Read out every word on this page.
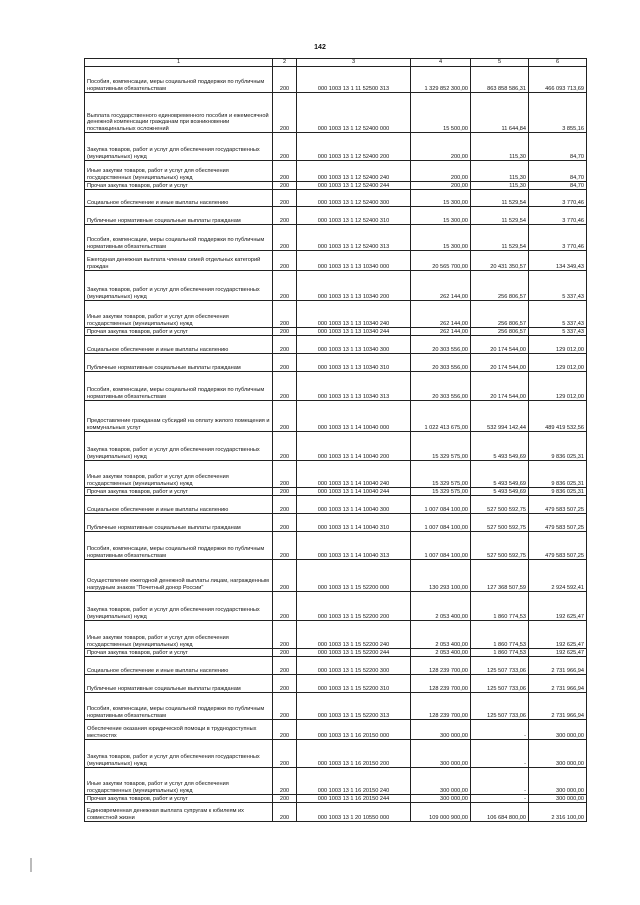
142
1	2	3	4	5	6
Пособия, компенсации, меры социальной поддержки по публичным нормативным обязательствам	200	000 1003 13 1 11 52500 313	1 329 852 300,00	863 858 586,31	466 093 713,69
Выплата государственного единовременного пособия и ежемесячной денежной компенсации гражданам при возникновении поствакцинальных осложнений	200	000 1003 13 1 12 52400 000	15 500,00	11 644,84	3 855,16
Закупка товаров, работ и услуг для обеспечения государственных (муниципальных) нужд	200	000 1003 13 1 12 52400 200	200,00	115,30	84,70
Иные закупки товаров, работ и услуг для обеспечения государственных (муниципальных) нужд	200	000 1003 13 1 12 52400 240	200,00	115,30	84,70
Прочая закупка товаров, работ и услуг	200	000 1003 13 1 12 52400 244	200,00	115,30	84,70
Социальное обеспечение и иные выплаты населению	200	000 1003 13 1 12 52400 300	15 300,00	11 529,54	3 770,46
Публичные нормативные социальные выплаты гражданам	200	000 1003 13 1 12 52400 310	15 300,00	11 529,54	3 770,46
Пособия, компенсации, меры социальной поддержки по публичным нормативным обязательствам	200	000 1003 13 1 12 52400 313	15 300,00	11 529,54	3 770,46
Ежегодная денежная выплата членам семей отдельных категорий граждан	200	000 1003 13 1 13 10340 000	20 565 700,00	20 431 350,57	134 349,43
Закупка товаров, работ и услуг для обеспечения государственных (муниципальных) нужд	200	000 1003 13 1 13 10340 200	262 144,00	256 806,57	5 337,43
Иные закупки товаров, работ и услуг для обеспечения государственных (муниципальных) нужд	200	000 1003 13 1 13 10340 240	262 144,00	256 806,57	5 337,43
Прочая закупка товаров, работ и услуг	200	000 1003 13 1 13 10340 244	262 144,00	256 806,57	5 337,43
Социальное обеспечение и иные выплаты населению	200	000 1003 13 1 13 10340 300	20 303 556,00	20 174 544,00	129 012,00
Публичные нормативные социальные выплаты гражданам	200	000 1003 13 1 13 10340 310	20 303 556,00	20 174 544,00	129 012,00
Пособия, компенсации, меры социальной поддержки по публичным нормативным обязательствам	200	000 1003 13 1 13 10340 313	20 303 556,00	20 174 544,00	129 012,00
Предоставление гражданам субсидий на оплату жилого помещения и коммунальных услуг	200	000 1003 13 1 14 10040 000	1 022 413 675,00	532 994 142,44	489 419 532,56
Закупка товаров, работ и услуг для обеспечения государственных (муниципальных) нужд	200	000 1003 13 1 14 10040 200	15 329 575,00	5 493 549,69	9 836 025,31
Иные закупки товаров, работ и услуг для обеспечения государственных (муниципальных) нужд	200	000 1003 13 1 14 10040 240	15 329 575,00	5 493 549,69	9 836 025,31
Прочая закупка товаров, работ и услуг	200	000 1003 13 1 14 10040 244	15 329 575,00	5 493 549,69	9 836 025,31
Социальное обеспечение и иные выплаты населению	200	000 1003 13 1 14 10040 300	1 007 084 100,00	527 500 592,75	479 583 507,25
Публичные нормативные социальные выплаты гражданам	200	000 1003 13 1 14 10040 310	1 007 084 100,00	527 500 592,75	479 583 507,25
Пособия, компенсации, меры социальной поддержки по публичным нормативным обязательствам	200	000 1003 13 1 14 10040 313	1 007 084 100,00	527 500 592,75	479 583 507,25
Осуществление ежегодной денежной выплаты лицам, награжденным нагрудным знаком "Почетный донор России"	200	000 1003 13 1 15 52200 000	130 293 100,00	127 368 507,59	2 924 592,41
Закупка товаров, работ и услуг для обеспечения государственных (муниципальных) нужд	200	000 1003 13 1 15 52200 200	2 053 400,00	1 860 774,53	192 625,47
Иные закупки товаров, работ и услуг для обеспечения государственных (муниципальных) нужд	200	000 1003 13 1 15 52200 240	2 053 400,00	1 860 774,53	192 625,47
Прочая закупка товаров, работ и услуг	200	000 1003 13 1 15 52200 244	2 053 400,00	1 860 774,53	192 625,47
Социальное обеспечение и иные выплаты населению	200	000 1003 13 1 15 52200 300	128 239 700,00	125 507 733,06	2 731 966,94
Публичные нормативные социальные выплаты гражданам	200	000 1003 13 1 15 52200 310	128 239 700,00	125 507 733,06	2 731 966,94
Пособия, компенсации, меры социальной поддержки по публичным нормативным обязательствам	200	000 1003 13 1 15 52200 313	128 239 700,00	125 507 733,06	2 731 966,94
Обеспечение оказания юридической помощи в труднодоступных местностях	200	000 1003 13 1 16 20150 000	300 000,00	-	300 000,00
Закупка товаров, работ и услуг для обеспечения государственных (муниципальных) нужд	200	000 1003 13 1 16 20150 200	300 000,00	-	300 000,00
Иные закупки товаров, работ и услуг для обеспечения государственных (муниципальных) нужд	200	000 1003 13 1 16 20150 240	300 000,00	-	300 000,00
Прочая закупка товаров, работ и услуг	200	000 1003 13 1 16 20150 244	300 000,00	-	300 000,00
Единовременная денежная выплата супругам к юбилеям их совместной жизни	200	000 1003 13 1 20 10550 000	109 000 900,00	106 684 800,00	2 316 100,00
